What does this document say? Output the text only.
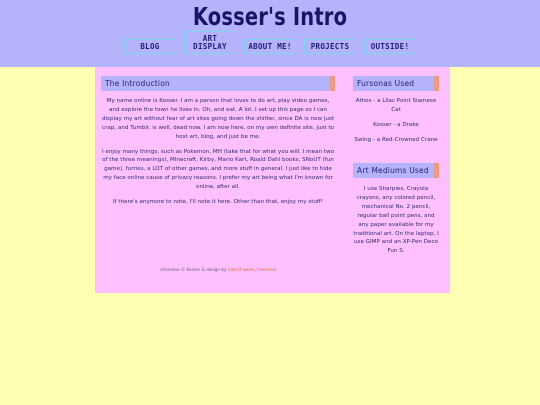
Kosser's Intro
BLOG
ART DISPLAY	ABOUT ME!	PROJECTS	OUTSIDE!
The Introduction

My name online is Kosser. I am a person that loves to do art, play video games, and explore the town he lives in. Oh, and eat. A lot. I set up this page so I can display my art without fear of art sites going down the shitter, since DA is now just crap, and Tumblr. is well, dead now. I am now here, on my own definite site, just to host art, blog, and just be me.

I enjoy many things, such as Pokemon, MH (take that for what you will. I mean two of the three meanings), Minecraft, Kirby, Mario Kart, Roald Dahl books, SNoUT (fun game), furries, a LOT of other games, and more stuff in general. I just like to hide my face online cause of privacy reasons. I prefer my art being what I'm known for online, after all.

If there's anymore to note, I'll note it here. Other than that, enjoy my stuff!

Fursonas Used
Athos - a Lilac Point Siamese Cat
Kosser - a Drake
Swing - a Red-Crowned Crane
Art Mediums Used
I use Sharpies, Crayola crayons, any colored pencil, mechanical No. 2 pencil, regular ball point pens, and any paper available for my traditional art. On the laptop, I use GIMP and an XP-Pen Deco Fun S.
sitename © Kosser & design by eldred swain, tresantal
